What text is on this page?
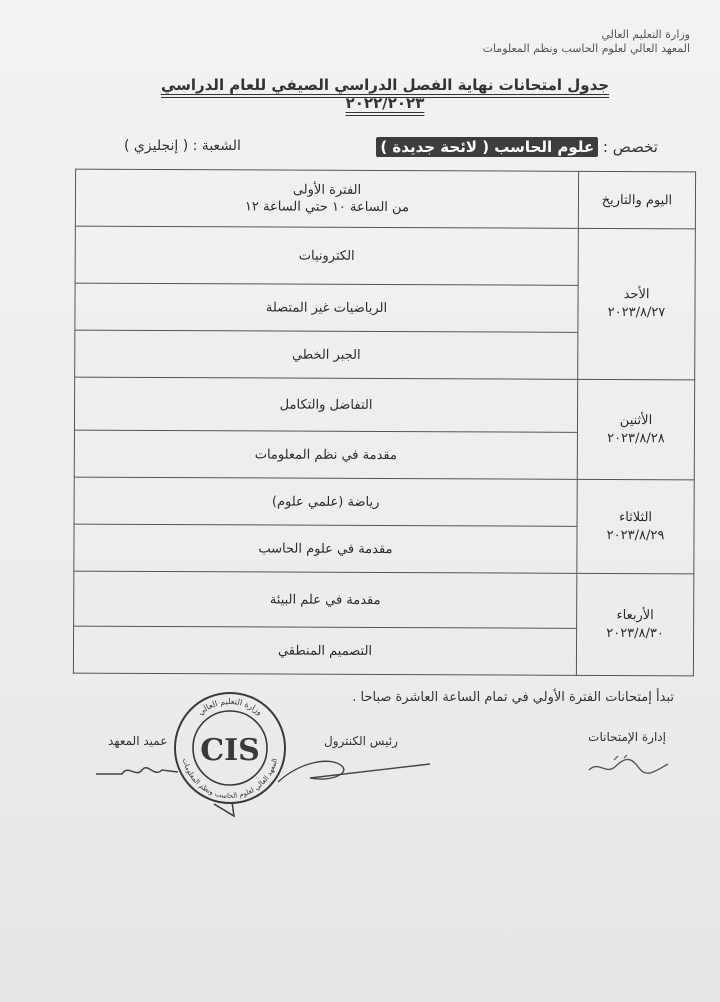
وزارة التعليم العالي
المعهد العالي لعلوم الحاسب ونظم المعلومات
جدول امتحانات نهاية الفصل الدراسي الصيفي للعام الدراسي ٢٠٢٢/٢٠٢٣
تخصص : علوم الحاسب ( لائحة جديدة )
الشعبة : ( إنجليزي )
اليوم والتاريخ	الفترة الأولى
من الساعة ١٠ حتي الساعة ١٢

الأحد
٢٠٢٣/٨/٢٧	الكترونيات
	الرياضيات غير المتصلة
	الجبر الخطي

الأثنين
٢٠٢٣/٨/٢٨	التفاضل والتكامل
	مقدمة في نظم المعلومات

الثلاثاء
٢٠٢٣/٨/٢٩	رياضة (علمي علوم)
	مقدمة في علوم الحاسب

الأربعاء
٢٠٢٣/٨/٣٠	مقدمة في علم البيئة
	التصميم المنطقي
تبدأ إمتحانات الفترة الأولي في تمام الساعة العاشرة صباحا .
إدارة الإمتحانات
رئيس الكنترول
عميد المعهد
وزارة التعليم العالي
المعهد العالي لعلوم الحاسب ونظم المعلومات
CIS
